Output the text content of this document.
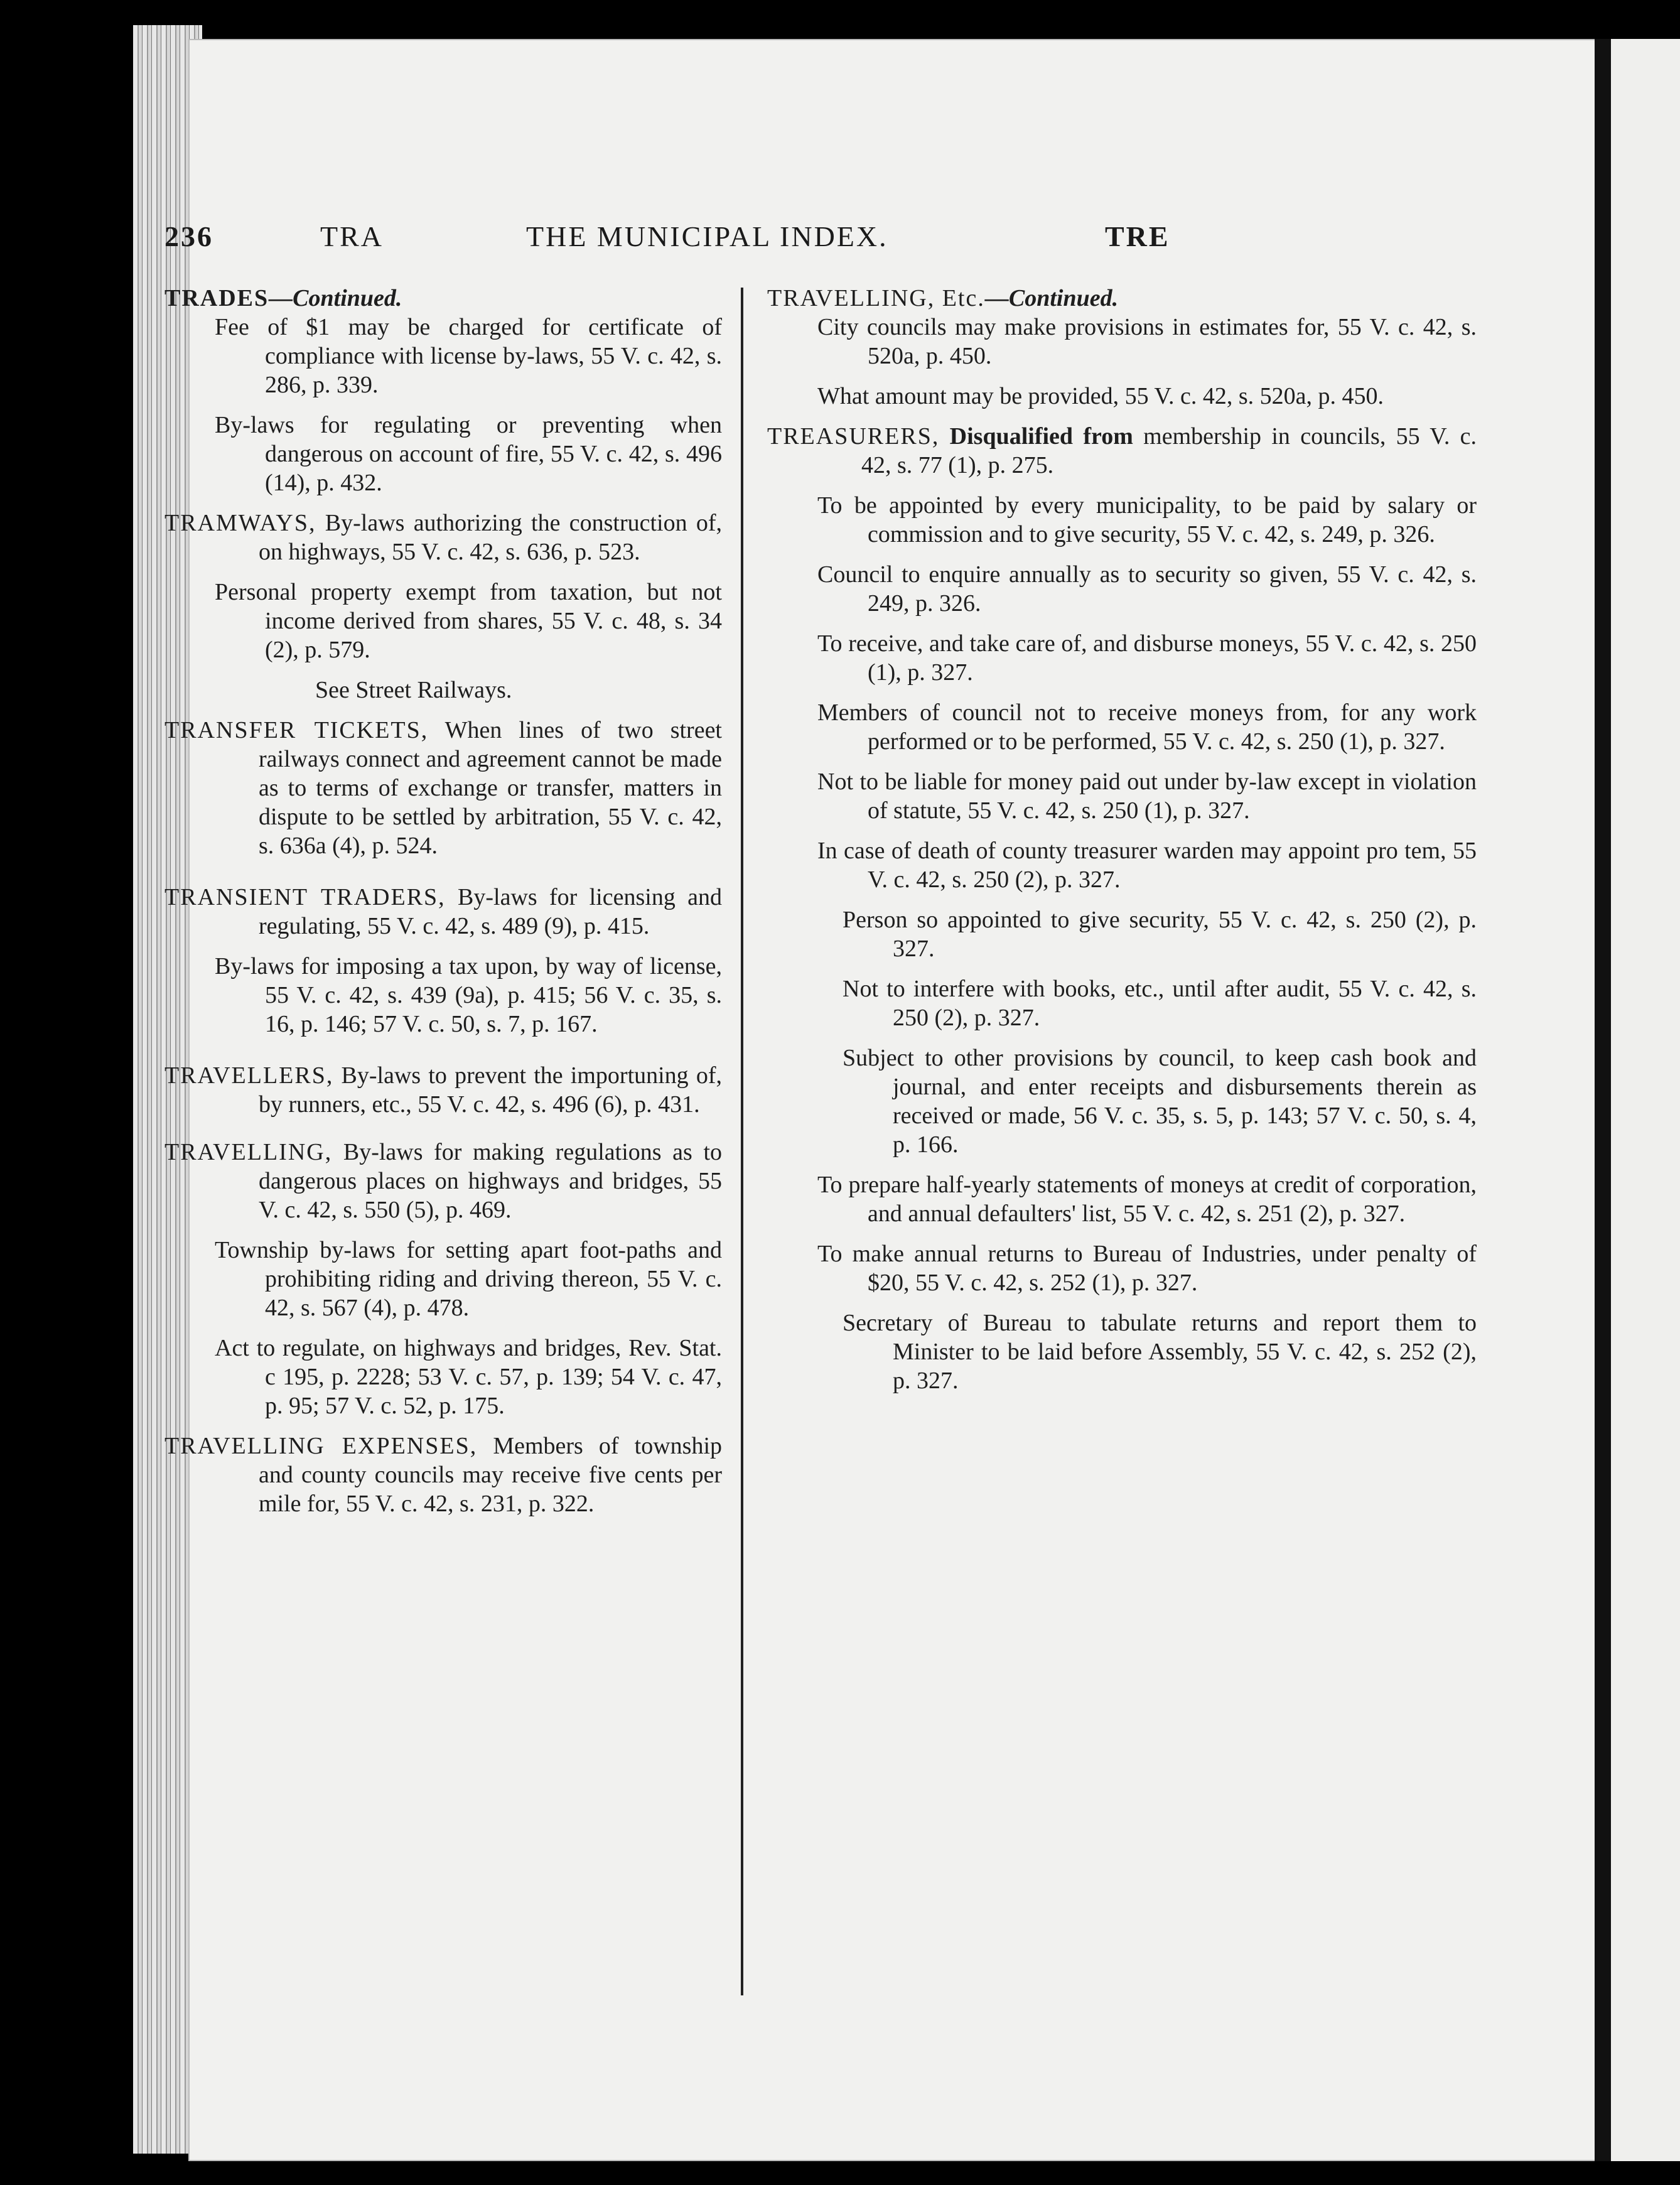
236	TRA	THE MUNICIPAL INDEX.	TRE
TRADES—Continued.
Fee of $1 may be charged for certificate of compliance with license by-laws, 55 V. c. 42, s. 286, p. 339.
By-laws for regulating or preventing when dangerous on account of fire, 55 V. c. 42, s. 496 (14), p. 432.
TRAMWAYS, By-laws authorizing the construction of, on highways, 55 V. c. 42, s. 636, p. 523.
Personal property exempt from taxation, but not income derived from shares, 55 V. c. 48, s. 34 (2), p. 579.
See Street Railways.
TRANSFER TICKETS, When lines of two street railways connect and agreement cannot be made as to terms of exchange or transfer, matters in dispute to be settled by arbitration, 55 V. c. 42, s. 636a (4), p. 524.
TRANSIENT TRADERS, By-laws for licensing and regulating, 55 V. c. 42, s. 489 (9), p. 415.
By-laws for imposing a tax upon, by way of license, 55 V. c. 42, s. 439 (9a), p. 415; 56 V. c. 35, s. 16, p. 146; 57 V. c. 50, s. 7, p. 167.
TRAVELLERS, By-laws to prevent the importuning of, by runners, etc., 55 V. c. 42, s. 496 (6), p. 431.
TRAVELLING, By-laws for making regulations as to dangerous places on highways and bridges, 55 V. c. 42, s. 550 (5), p. 469.
Township by-laws for setting apart foot-paths and prohibiting riding and driving thereon, 55 V. c. 42, s. 567 (4), p. 478.
Act to regulate, on highways and bridges, Rev. Stat. c 195, p. 2228; 53 V. c. 57, p. 139; 54 V. c. 47, p. 95; 57 V. c. 52, p. 175.
TRAVELLING EXPENSES, Members of township and county councils may receive five cents per mile for, 55 V. c. 42, s. 231, p. 322.
TRAVELLING, Etc.—Continued.
City councils may make provisions in estimates for, 55 V. c. 42, s. 520a, p. 450.
What amount may be provided, 55 V. c. 42, s. 520a, p. 450.
TREASURERS, Disqualified from membership in councils, 55 V. c. 42, s. 77 (1), p. 275.
To be appointed by every municipality, to be paid by salary or commission and to give security, 55 V. c. 42, s. 249, p. 326.
Council to enquire annually as to security so given, 55 V. c. 42, s. 249, p. 326.
To receive, and take care of, and disburse moneys, 55 V. c. 42, s. 250 (1), p. 327.
Members of council not to receive moneys from, for any work performed or to be performed, 55 V. c. 42, s. 250 (1), p. 327.
Not to be liable for money paid out under by-law except in violation of statute, 55 V. c. 42, s. 250 (1), p. 327.
In case of death of county treasurer warden may appoint pro tem, 55 V. c. 42, s. 250 (2), p. 327.
Person so appointed to give security, 55 V. c. 42, s. 250 (2), p. 327.
Not to interfere with books, etc., until after audit, 55 V. c. 42, s. 250 (2), p. 327.
Subject to other provisions by council, to keep cash book and journal, and enter receipts and disbursements therein as received or made, 56 V. c. 35, s. 5, p. 143; 57 V. c. 50, s. 4, p. 166.
To prepare half-yearly statements of moneys at credit of corporation, and annual defaulters' list, 55 V. c. 42, s. 251 (2), p. 327.
To make annual returns to Bureau of Industries, under penalty of $20, 55 V. c. 42, s. 252 (1), p. 327.
Secretary of Bureau to tabulate returns and report them to Minister to be laid before Assembly, 55 V. c. 42, s. 252 (2), p. 327.
